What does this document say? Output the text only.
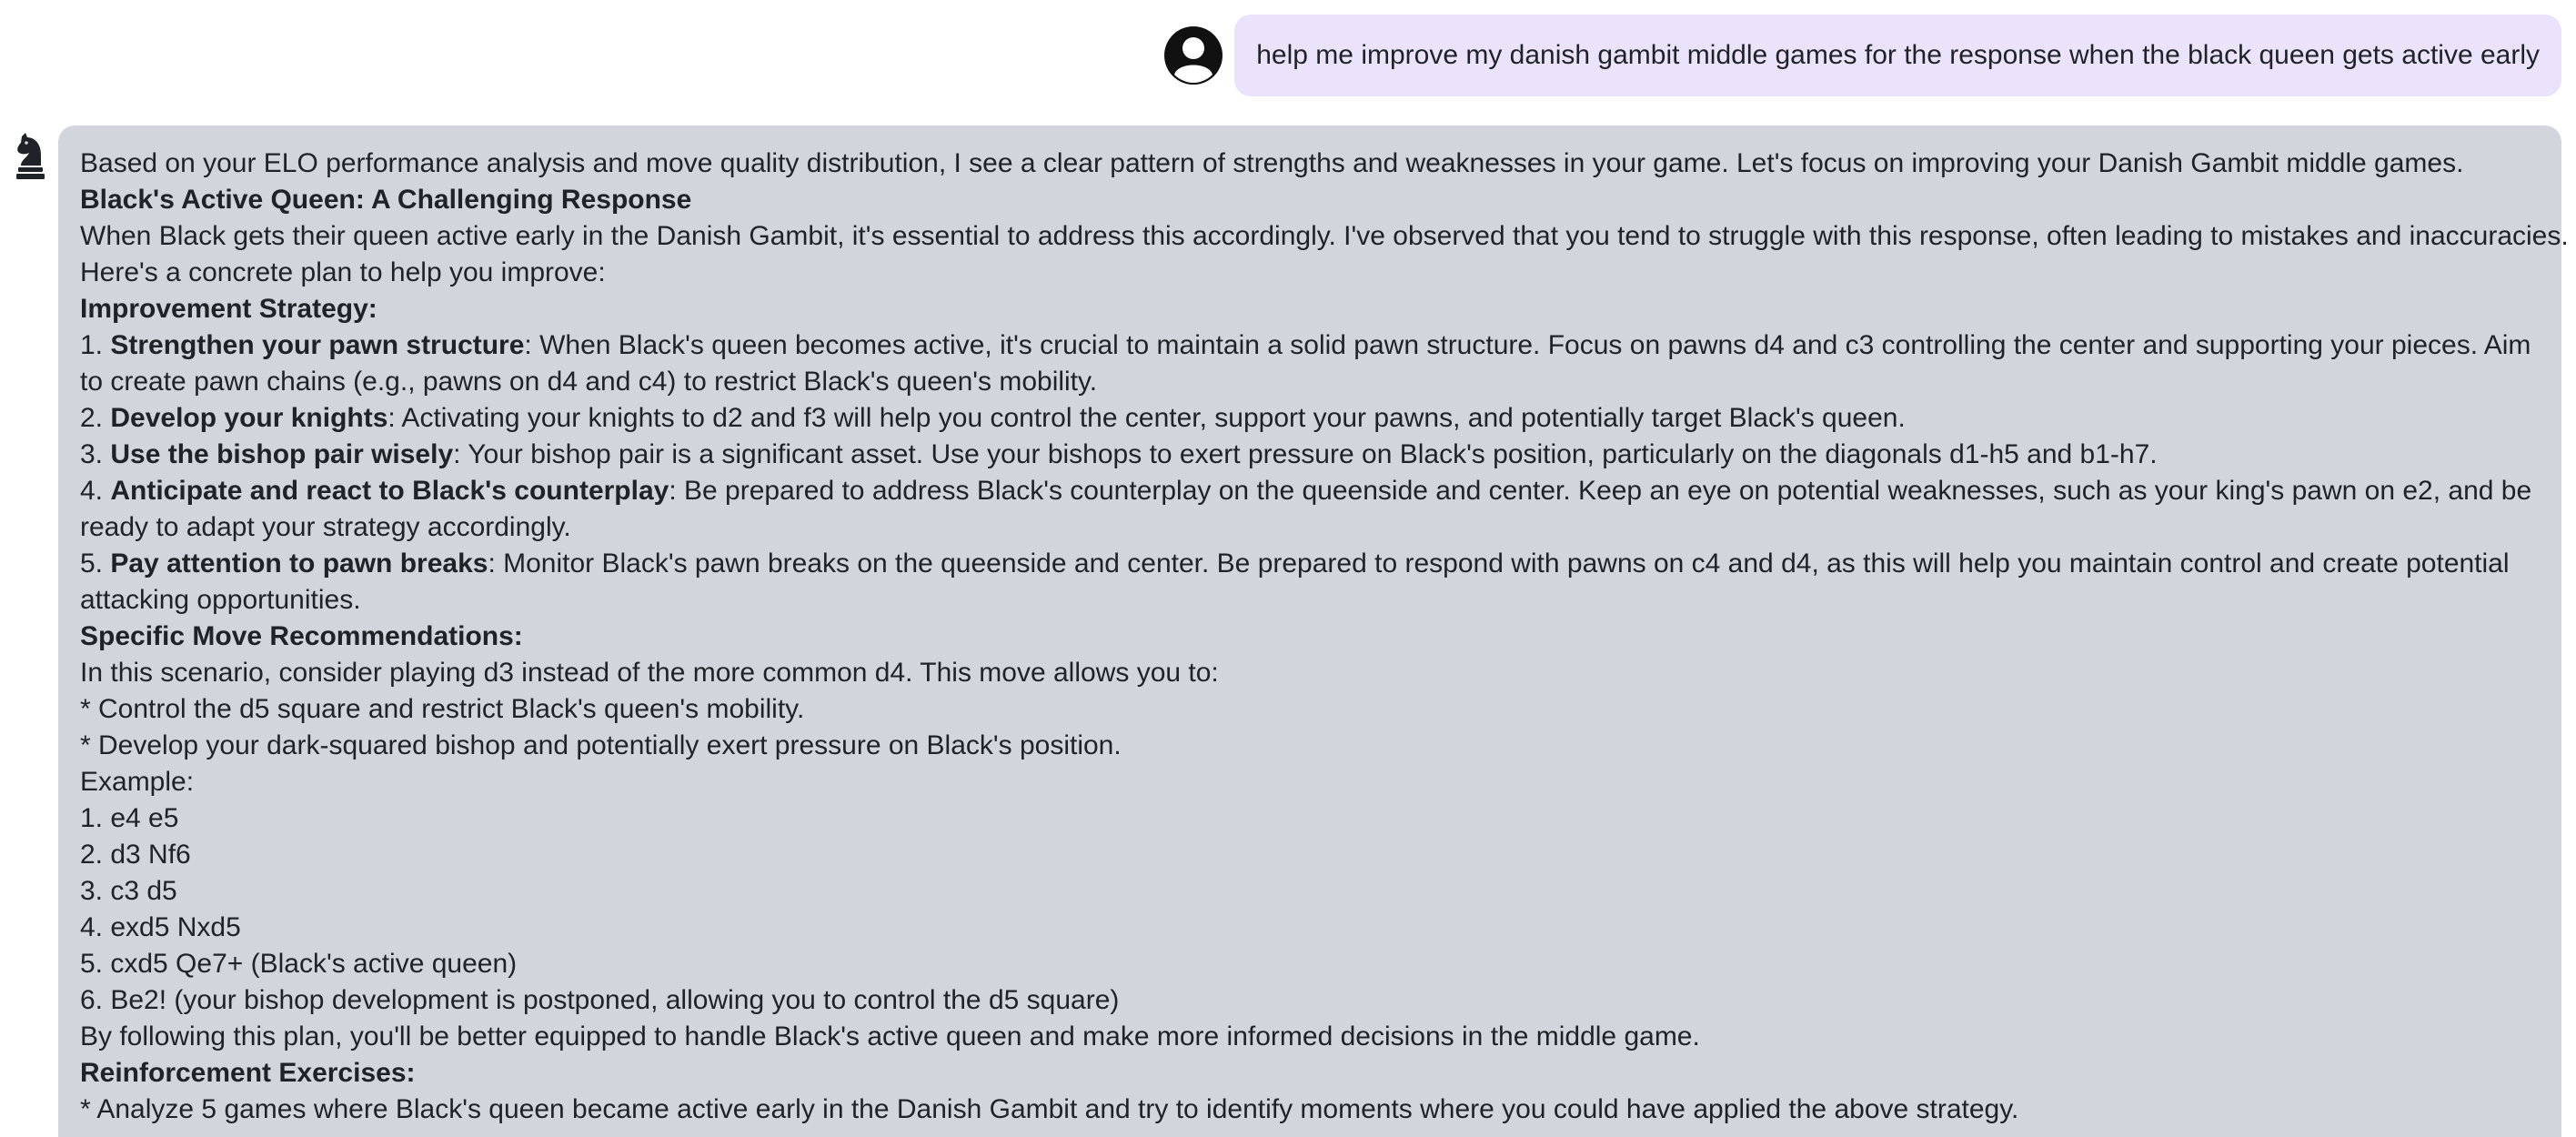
help me improve my danish gambit middle games for the response when the black queen gets active early
Based on your ELO performance analysis and move quality distribution, I see a clear pattern of strengths and weaknesses in your game. Let's focus on improving your Danish Gambit middle games.
Black's Active Queen: A Challenging Response
When Black gets their queen active early in the Danish Gambit, it's essential to address this accordingly. I've observed that you tend to struggle with this response, often leading to mistakes and inaccuracies.
Here's a concrete plan to help you improve:
Improvement Strategy:
1. Strengthen your pawn structure: When Black's queen becomes active, it's crucial to maintain a solid pawn structure. Focus on pawns d4 and c3 controlling the center and supporting your pieces. Aim to create pawn chains (e.g., pawns on d4 and c4) to restrict Black's queen's mobility.
2. Develop your knights: Activating your knights to d2 and f3 will help you control the center, support your pawns, and potentially target Black's queen.
3. Use the bishop pair wisely: Your bishop pair is a significant asset. Use your bishops to exert pressure on Black's position, particularly on the diagonals d1-h5 and b1-h7.
4. Anticipate and react to Black's counterplay: Be prepared to address Black's counterplay on the queenside and center. Keep an eye on potential weaknesses, such as your king's pawn on e2, and be ready to adapt your strategy accordingly.
5. Pay attention to pawn breaks: Monitor Black's pawn breaks on the queenside and center. Be prepared to respond with pawns on c4 and d4, as this will help you maintain control and create potential attacking opportunities.
Specific Move Recommendations:
In this scenario, consider playing d3 instead of the more common d4. This move allows you to:
* Control the d5 square and restrict Black's queen's mobility.
* Develop your dark-squared bishop and potentially exert pressure on Black's position.
Example:
1. e4 e5
2. d3 Nf6
3. c3 d5
4. exd5 Nxd5
5. cxd5 Qe7+ (Black's active queen)
6. Be2! (your bishop development is postponed, allowing you to control the d5 square)
By following this plan, you'll be better equipped to handle Black's active queen and make more informed decisions in the middle game.
Reinforcement Exercises:
* Analyze 5 games where Black's queen became active early in the Danish Gambit and try to identify moments where you could have applied the above strategy.
